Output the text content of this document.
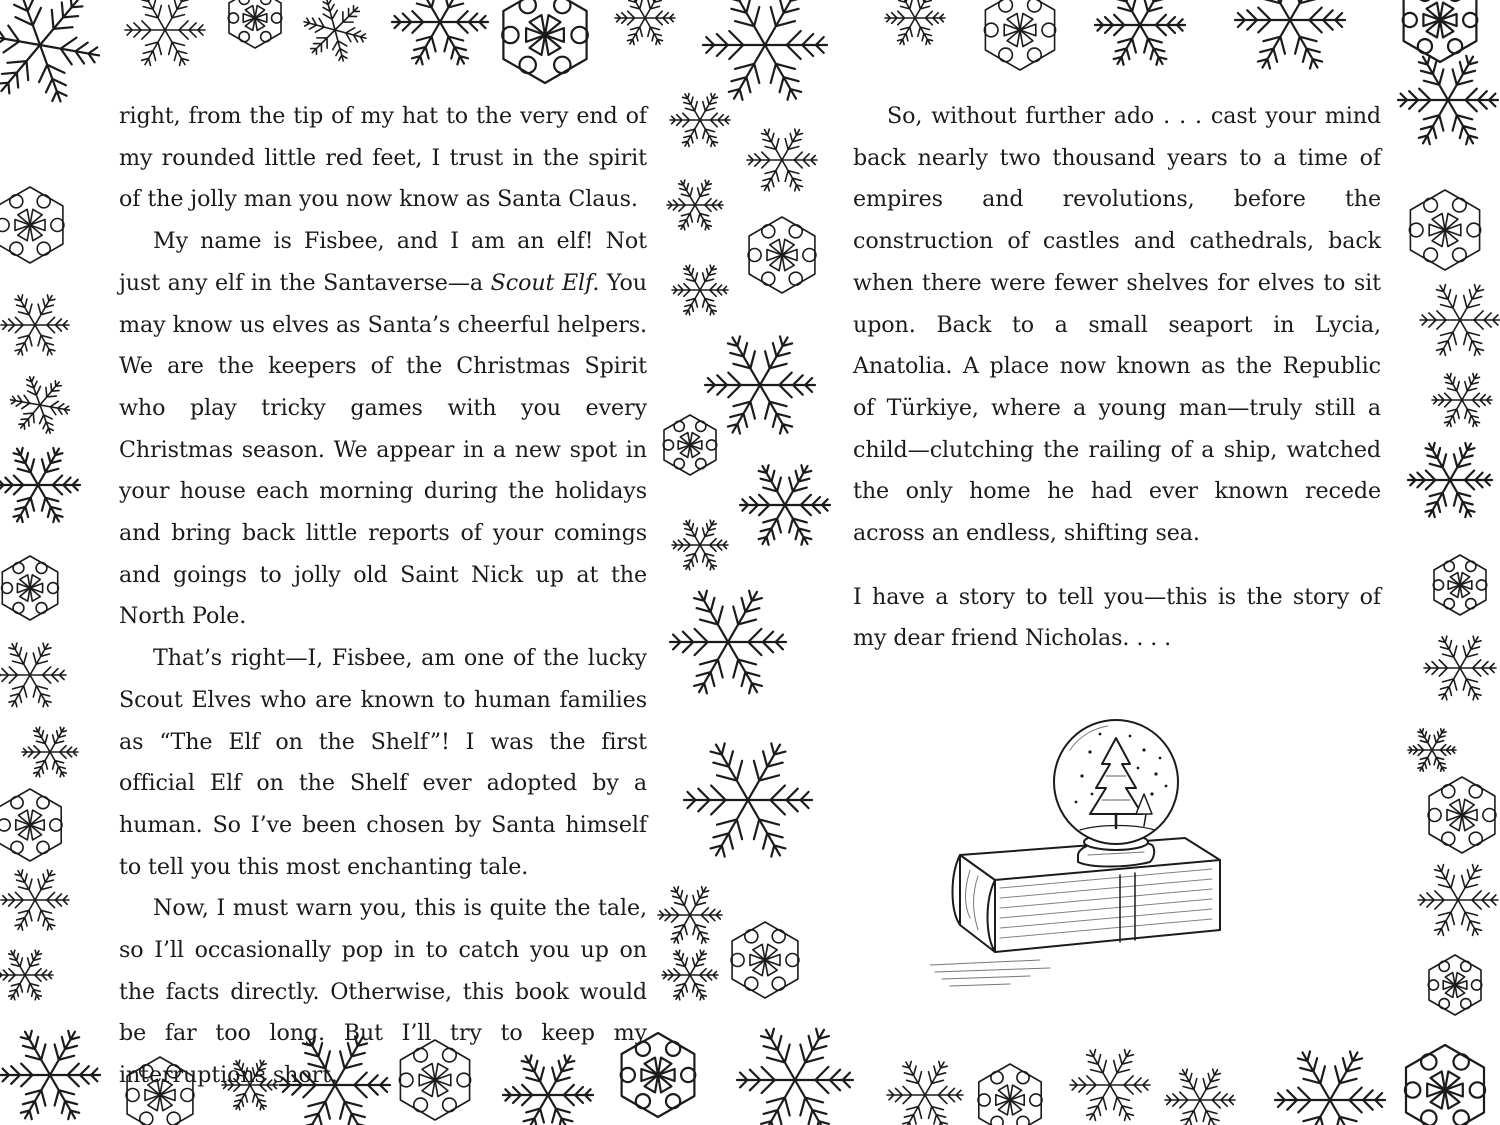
right, from the tip of my hat to the very end of my rounded little red feet, I trust in the spirit of the jolly man you now know as Santa Claus.

My name is Fisbee, and I am an elf! Not just any elf in the Santaverse—a Scout Elf. You may know us elves as Santa’s cheerful helpers. We are the keepers of the Christmas Spirit who play tricky games with you every Christmas season. We appear in a new spot in your house each morning during the holidays and bring back little reports of your comings and goings to jolly old Saint Nick up at the North Pole.

That’s right—I, Fisbee, am one of the lucky Scout Elves who are known to human families as “The Elf on the Shelf”! I was the first official Elf on the Shelf ever adopted by a human. So I’ve been chosen by Santa himself to tell you this most enchanting tale.

Now, I must warn you, this is quite the tale, so I’ll occasionally pop in to catch you up on the facts directly. Otherwise, this book would be far too long. But I’ll try to keep my interruptions short.

So, without further ado . . . cast your mind back nearly two thousand years to a time of empires and revolutions, before the construction of castles and cathedrals, back when there were fewer shelves for elves to sit upon. Back to a small seaport in Lycia, Anatolia. A place now known as the Republic of Türkiye, where a young man—truly still a child—clutching the railing of a ship, watched the only home he had ever known recede across an endless, shifting sea.

I have a story to tell you—this is the story of my dear friend Nicholas. . . .
